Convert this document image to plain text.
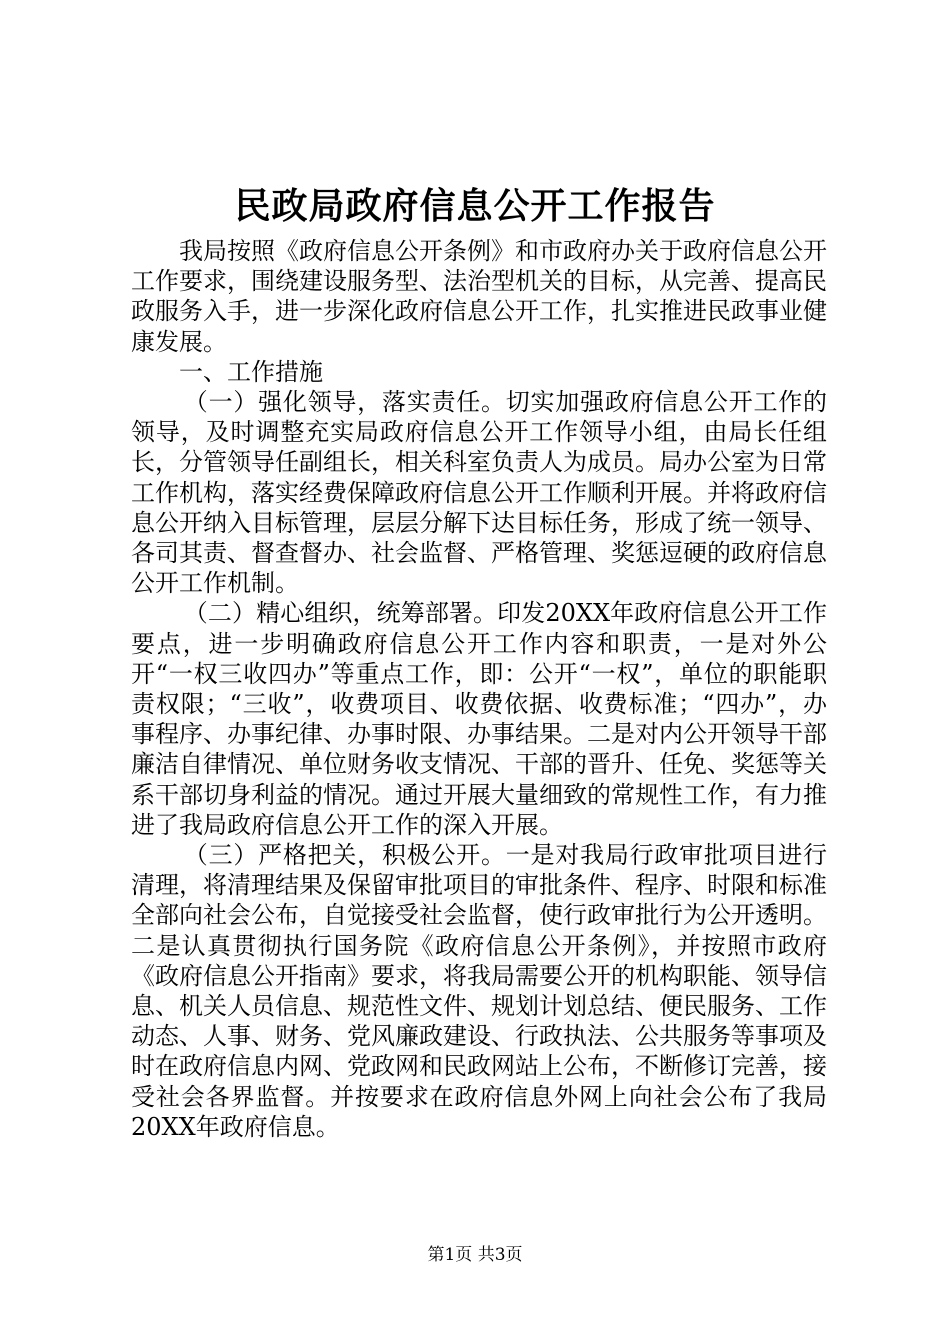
民政局政府信息公开工作报告

我局按照《政府信息公开条例》和市政府办关于政府信息公开工作要求，围绕建设服务型、法治型机关的目标，从完善、提高民政服务入手，进一步深化政府信息公开工作，扎实推进民政事业健康发展。

一、工作措施

（一）强化领导，落实责任。切实加强政府信息公开工作的领导，及时调整充实局政府信息公开工作领导小组，由局长任组长，分管领导任副组长，相关科室负责人为成员。局办公室为日常工作机构，落实经费保障政府信息公开工作顺利开展。并将政府信息公开纳入目标管理，层层分解下达目标任务，形成了统一领导、各司其责、督查督办、社会监督、严格管理、奖惩逗硬的政府信息公开工作机制。

（二）精心组织，统筹部署。印发20XX年政府信息公开工作要点，进一步明确政府信息公开工作内容和职责，一是对外公开“一权三收四办”等重点工作，即：公开“一权”，单位的职能职责权限；“三收”，收费项目、收费依据、收费标准；“四办”，办事程序、办事纪律、办事时限、办事结果。二是对内公开领导干部廉洁自律情况、单位财务收支情况、干部的晋升、任免、奖惩等关系干部切身利益的情况。通过开展大量细致的常规性工作，有力推进了我局政府信息公开工作的深入开展。

（三）严格把关，积极公开。一是对我局行政审批项目进行清理，将清理结果及保留审批项目的审批条件、程序、时限和标准全部向社会公布，自觉接受社会监督，使行政审批行为公开透明。二是认真贯彻执行国务院《政府信息公开条例》，并按照市政府《政府信息公开指南》要求，将我局需要公开的机构职能、领导信息、机关人员信息、规范性文件、规划计划总结、便民服务、工作动态、人事、财务、党风廉政建设、行政执法、公共服务等事项及时在政府信息内网、党政网和民政网站上公布，不断修订完善，接受社会各界监督。并按要求在政府信息外网上向社会公布了我局20XX年政府信息。

第1页 共3页
